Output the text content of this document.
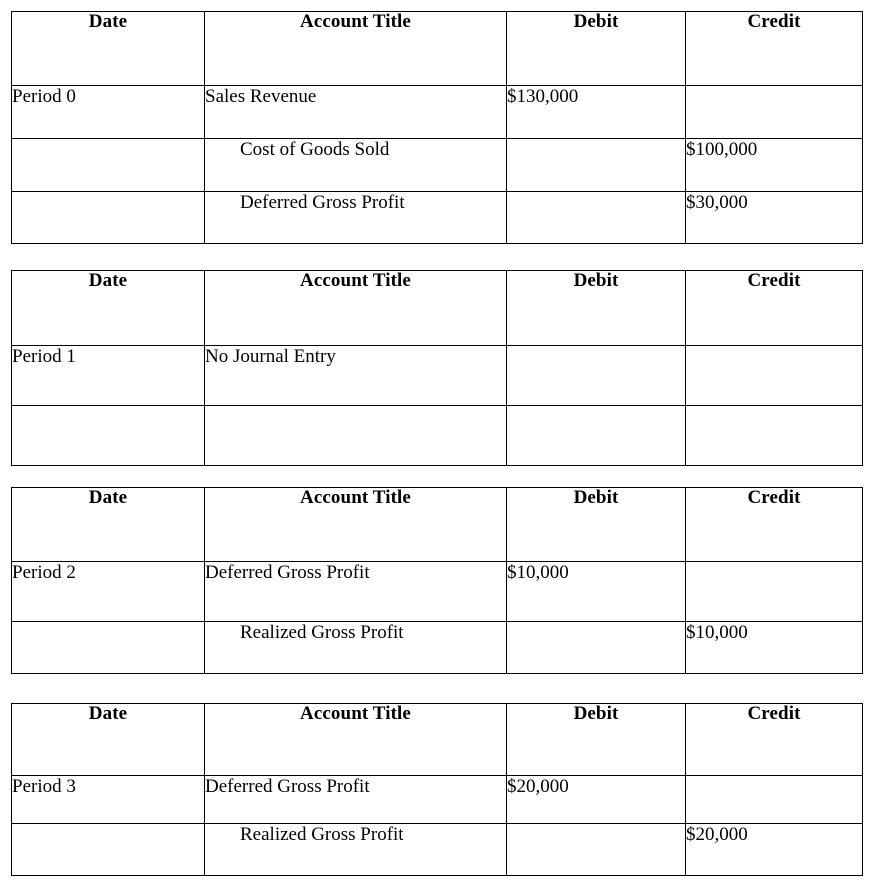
Date	Account Title	Debit	Credit
Period 0	Sales Revenue	$130,000	
	Cost of Goods Sold		$100,000
	Deferred Gross Profit		$30,000
Date	Account Title	Debit	Credit
Period 1	No Journal Entry		

Date	Account Title	Debit	Credit
Period 2	Deferred Gross Profit	$10,000	
	Realized Gross Profit		$10,000
Date	Account Title	Debit	Credit
Period 3	Deferred Gross Profit	$20,000	
	Realized Gross Profit		$20,000
